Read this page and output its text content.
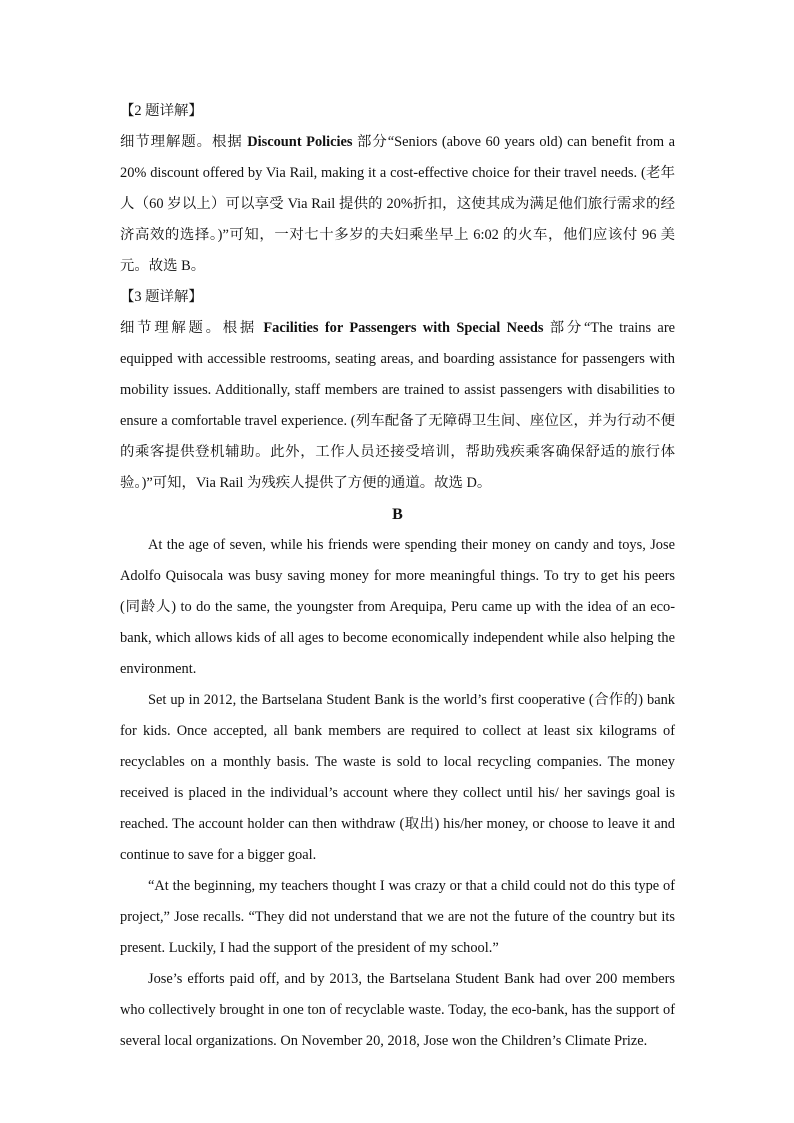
【2 题详解】

细节理解题。根据 Discount Policies 部分“Seniors (above 60 years old) can benefit from a 20% discount offered by Via Rail, making it a cost-effective choice for their travel needs. (老年人（60 岁以上）可以享受 Via Rail 提供的 20%折扣，这使其成为满足他们旅行需求的经济高效的选择。)”可知，一对七十多岁的夫妇乘坐早上 6:02 的火车，他们应该付 96 美元。故选 B。

【3 题详解】

细节理解题。根据 Facilities for Passengers with Special Needs 部分“The trains are equipped with accessible restrooms, seating areas, and boarding assistance for passengers with mobility issues. Additionally, staff members are trained to assist passengers with disabilities to ensure a comfortable travel experience. (列车配备了无障碍卫生间、座位区，并为行动不便的乘客提供登机辅助。此外，工作人员还接受培训，帮助残疾乘客确保舒适的旅行体验。)”可知，Via Rail 为残疾人提供了方便的通道。故选 D。

B

At the age of seven, while his friends were spending their money on candy and toys, Jose Adolfo Quisocala was busy saving money for more meaningful things. To try to get his peers (同龄人) to do the same, the youngster from Arequipa, Peru came up with the idea of an eco-bank, which allows kids of all ages to become economically independent while also helping the environment.

Set up in 2012, the Bartselana Student Bank is the world’s first cooperative (合作的) bank for kids. Once accepted, all bank members are required to collect at least six kilograms of recyclables on a monthly basis. The waste is sold to local recycling companies. The money received is placed in the individual’s account where they collect until his/ her savings goal is reached. The account holder can then withdraw (取出) his/her money, or choose to leave it and continue to save for a bigger goal.

“At the beginning, my teachers thought I was crazy or that a child could not do this type of project,” Jose recalls. “They did not understand that we are not the future of the country but its present. Luckily, I had the support of the president of my school.”

Jose’s efforts paid off, and by 2013, the Bartselana Student Bank had over 200 members who collectively brought in one ton of recyclable waste. Today, the eco-bank, has the support of several local organizations. On November 20, 2018, Jose won the Children’s Climate Prize.
